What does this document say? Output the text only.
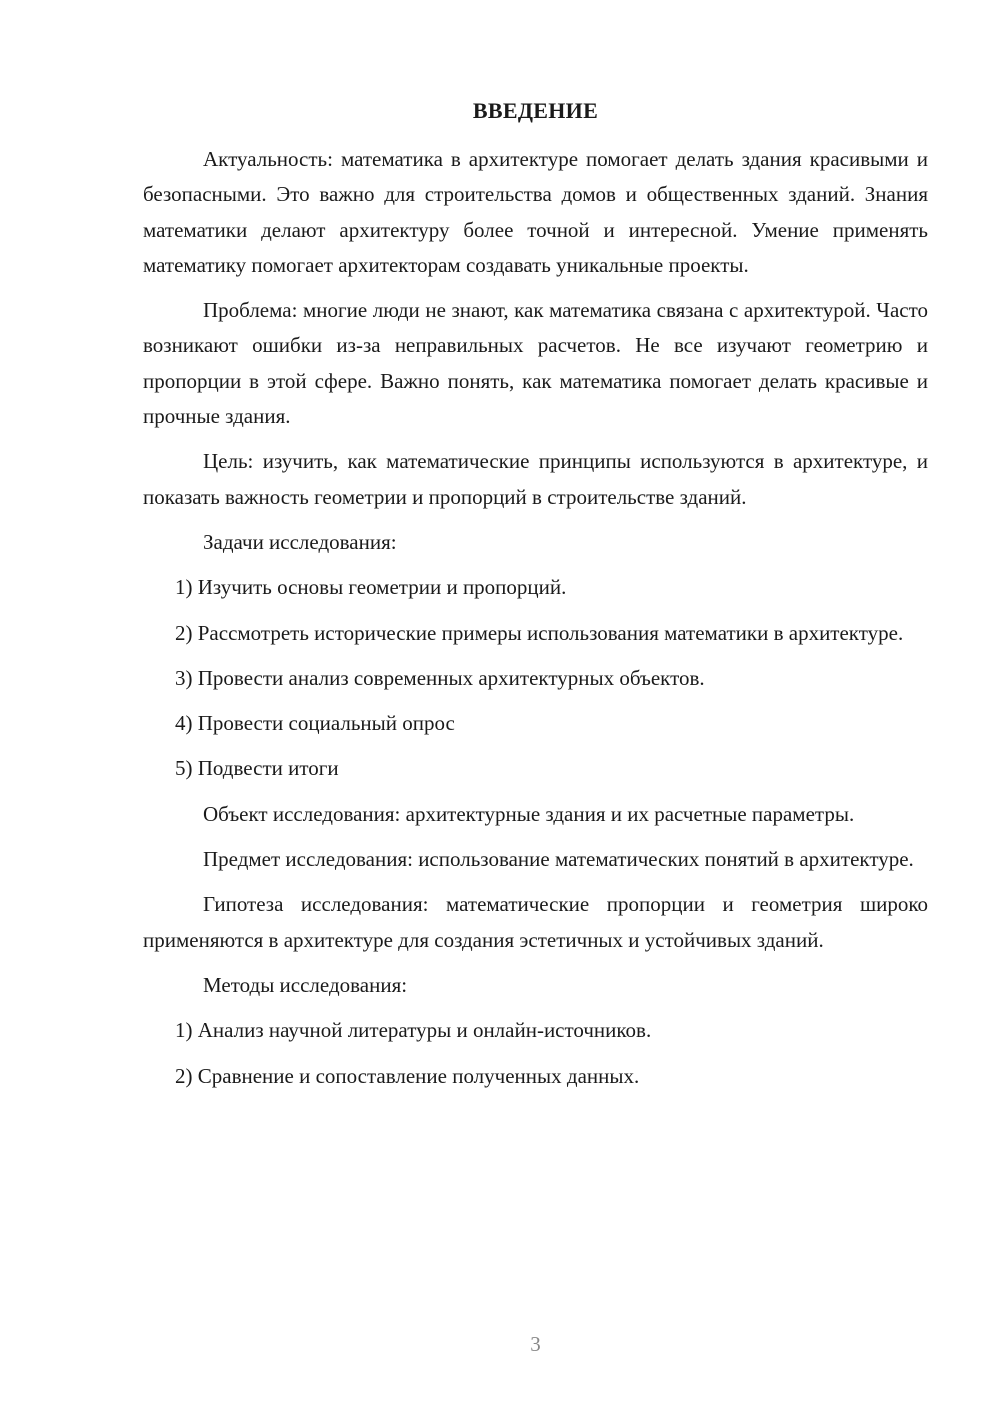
ВВЕДЕНИЕ

Актуальность: математика в архитектуре помогает делать здания красивыми и безопасными. Это важно для строительства домов и общественных зданий. Знания математики делают архитектуру более точной и интересной. Умение применять математику помогает архитекторам создавать уникальные проекты.

Проблема: многие люди не знают, как математика связана с архитектурой. Часто возникают ошибки из-за неправильных расчетов. Не все изучают геометрию и пропорции в этой сфере. Важно понять, как математика помогает делать красивые и прочные здания.

Цель: изучить, как математические принципы используются в архитектуре, и показать важность геометрии и пропорций в строительстве зданий.

Задачи исследования:

1) Изучить основы геометрии и пропорций.

2) Рассмотреть исторические примеры использования математики в архитектуре.

3) Провести анализ современных архитектурных объектов.

4) Провести социальный опрос

5) Подвести итоги

Объект исследования: архитектурные здания и их расчетные параметры.

Предмет исследования: использование математических понятий в архитектуре.

Гипотеза исследования: математические пропорции и геометрия широко применяются в архитектуре для создания эстетичных и устойчивых зданий.

Методы исследования:

1) Анализ научной литературы и онлайн-источников.

2) Сравнение и сопоставление полученных данных.

3
